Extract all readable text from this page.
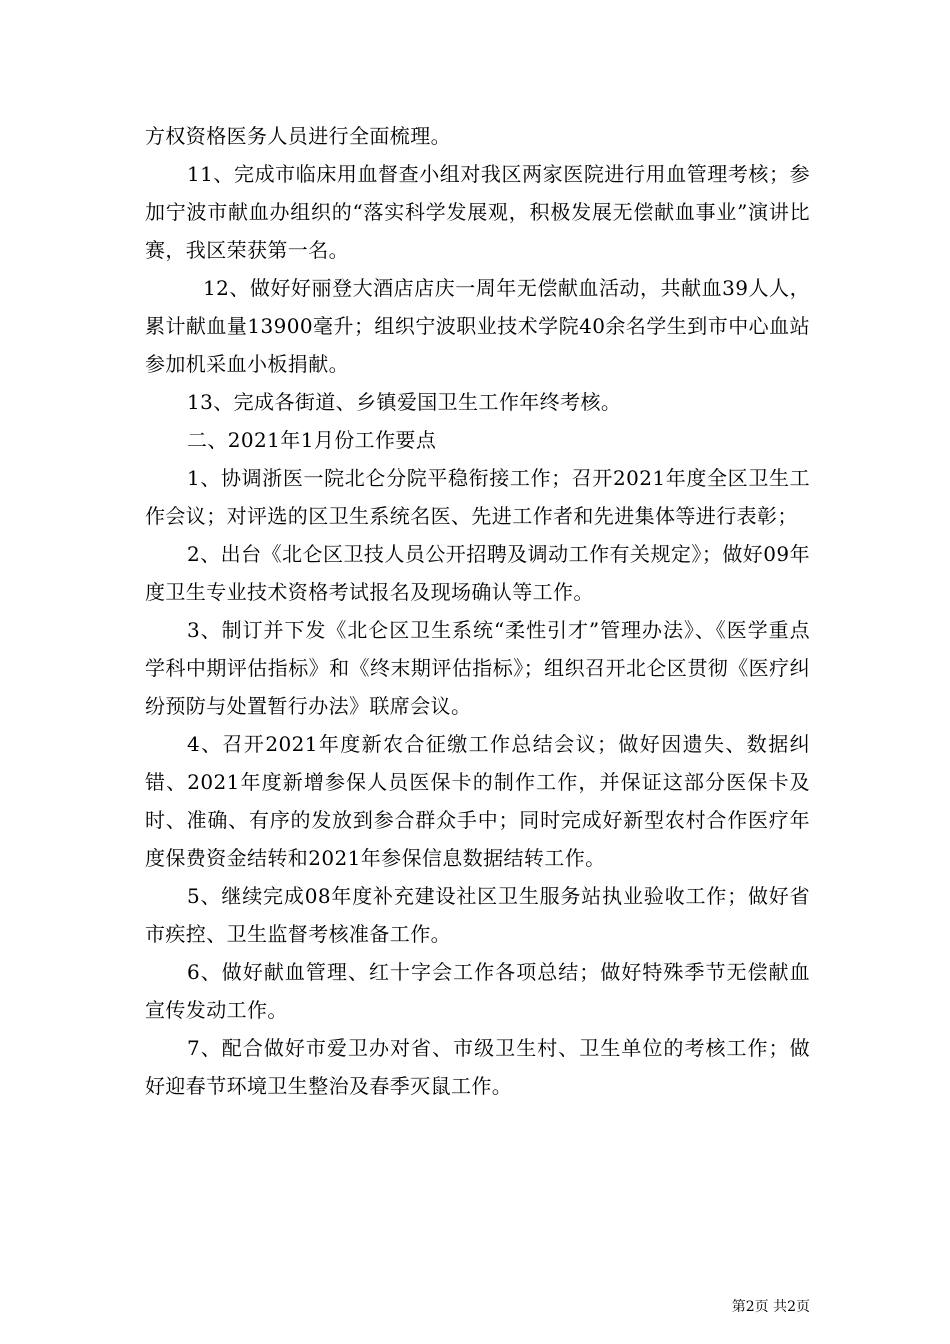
方权资格医务人员进行全面梳理。

11、完成市临床用血督查小组对我区两家医院进行用血管理考核；参加宁波市献血办组织的“落实科学发展观，积极发展无偿献血事业”演讲比赛，我区荣获第一名。

12、做好好丽登大酒店店庆一周年无偿献血活动，共献血39人人，累计献血量13900毫升；组织宁波职业技术学院40余名学生到市中心血站参加机采血小板捐献。

13、完成各街道、乡镇爱国卫生工作年终考核。

二、2021年1月份工作要点

1、协调浙医一院北仑分院平稳衔接工作；召开2021年度全区卫生工作会议；对评选的区卫生系统名医、先进工作者和先进集体等进行表彰；

2、出台《北仑区卫技人员公开招聘及调动工作有关规定》；做好09年度卫生专业技术资格考试报名及现场确认等工作。

3、制订并下发《北仑区卫生系统“柔性引才”管理办法》、《医学重点学科中期评估指标》和《终末期评估指标》；组织召开北仑区贯彻《医疗纠纷预防与处置暂行办法》联席会议。

4、召开2021年度新农合征缴工作总结会议；做好因遗失、数据纠错、2021年度新增参保人员医保卡的制作工作，并保证这部分医保卡及时、准确、有序的发放到参合群众手中；同时完成好新型农村合作医疗年度保费资金结转和2021年参保信息数据结转工作。

5、继续完成08年度补充建设社区卫生服务站执业验收工作；做好省市疾控、卫生监督考核准备工作。

6、做好献血管理、红十字会工作各项总结；做好特殊季节无偿献血宣传发动工作。

7、配合做好市爱卫办对省、市级卫生村、卫生单位的考核工作；做好迎春节环境卫生整治及春季灭鼠工作。

第2页 共2页
